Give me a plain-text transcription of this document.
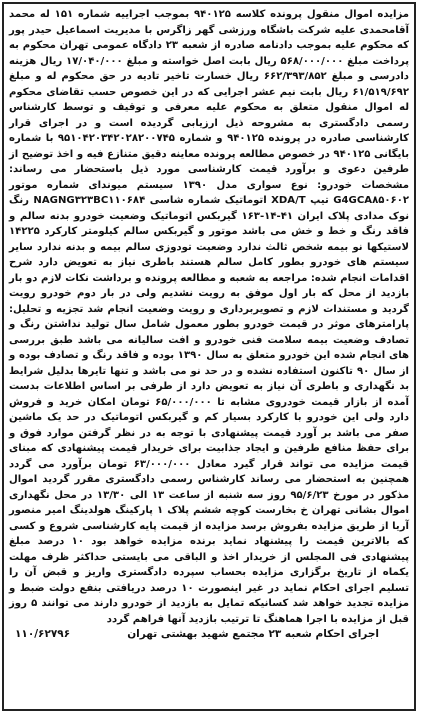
مزایده اموال منقول پرونده کلاسه ۹۴۰۱۲۵ بموجب اجراییه شماره ۱۵۱ له محمد آقامحمدی علیه شرکت باشگاه ورزشی گهر زاگرس با مدیریت اسماعیل حیدر پور که محکوم علیه بموجب دادنامه صادره از شعبه ۲۳ دادگاه عمومی تهران محکوم به پرداخت مبلغ ۵۶۸/۰۰۰/۰۰۰ ریال بابت اصل خواسته و مبلغ ۱۷/۰۴۰/۰۰۰ ریال هزینه دادرسی و مبلغ ۶۶۲/۳۹۳/۸۵۲ ریال خسارت تاخیر تادیه در حق محکوم له و مبلغ ۶۱/۵۱۹/۶۹۲ ریال بابت نیم عشر اجرایی که در این خصوص حسب تقاضای محکوم له اموال منقول متعلق به محکوم علیه معرفی و توقیف و توسط کارشناس رسمی دادگستری به مشروحه ذیل ارزیابی گردیده است و در اجرای قرار کارشناسی صادره در پرونده ۹۴۰۱۲۵ و شماره ۹۵۱۰۴۲۰۳۴۲۰۲۸۲۰۰۷۴۵ با شماره بایگانی ۹۴۰۱۲۵ در خصوص مطالعه پرونده معاینه دقیق متنازع فیه و اخذ توضیح از طرفین دعوی و برآورد قیمت کارشناسی مورد ذیل باستحضار می رساند: مشخصات خودرو: نوع سواری مدل ۱۳۹۰ سیستم میوندای شماره موتور G4GCA۸۵۰۶۰۲ تیپ XDA/T اتوماتیک شماره شاسی NAGNG۳۲۳BC۱۱۰۶۸۴ رنگ نوک مدادی پلاک ایران ۴۱-۱۴-۱۶۳ گیربکس اتوماتیک وضعیت خودرو بدنه سالم و فاقد رنگ و خط و خش می باشد موتور و گیربکس سالم کیلومتر کارکرد ۱۴۲۲۵ لاستیکها نو بیمه شخص ثالث ندارد وضعیت تودوزی سالم بیمه و بدنه ندارد سایر سیستم های خودرو بطور کامل سالم هستند باطری نیاز به تعویض دارد شرح اقدامات انجام شده: مراجعه به شعبه و مطالعه پرونده و برداشت نکات لازم دو بار بازدید از محل که بار اول موفق به رویت نشدیم ولی در بار دوم خودرو رویت گردید و مستندات لازم و تصویربرداری و رویت وضعیت انجام شد تجزیه و تحلیل: پارامترهای موثر در قیمت خودرو بطور معمول شامل سال تولید نداشتن رنگ و تصادف وضعیت بیمه سلامت فنی خودرو و افت سالیانه می باشد طبق بررسی های انجام شده این خودرو متعلق به سال ۱۳۹۰ بوده و فاقد رنگ و تصادف بوده و از سال ۹۰ تاکنون استفاده نشده و در حد نو می باشد و تنها تایرها بدلیل شرایط بد نگهداری و باطری آن نیاز به تعویض دارد از طرفی بر اساس اطلاعات بدست آمده از بازار قیمت خودروی مشابه تا ۶۵/۰۰۰/۰۰۰ تومان امکان خرید و فروش دارد ولی این خودرو با کارکرد بسیار کم و گیربکس اتوماتیک در حد یک ماشین صفر می باشد بر آورد قیمت پیشنهادی با توجه به در نظر گرفتن موارد فوق و برای حفظ منافع طرفین و ایجاد جذابیت برای خریدار قیمت پیشنهادی که مبنای قیمت مزایده می تواند قرار گیرد معادل ۶۳/۰۰۰/۰۰۰ تومان برآورد می گردد همچنین به استحضار می رساند کارشناس رسمی دادگستری مقرر گردید اموال مذکور در مورخ ۹۵/۶/۲۳ روز سه شنبه از ساعت ۱۳ الی ۱۳/۳۰ در محل نگهداری اموال بشانی تهران خ بخارست کوچه ششم پلاک ۱ پارکینگ هولدینگ امیر منصور آریا از طریق مزایده بفروش برسد مزایده از قیمت پایه کارشناسی شروع و کسی که بالاترین قیمت را پیشنهاد نماید برنده مزایده خواهد بود ۱۰ درصد مبلغ پیشنهادی فی المجلس از خریدار اخذ و الباقی می بایستی حداکثر ظرف مهلت یکماه از تاریخ برگزاری مزایده بحساب سپرده دادگستری واریز و قبض آن را تسلیم اجرای احکام نماید در غیر اینصورت ۱۰ درصد دریافتی بنفع دولت ضبط و مزایده تجدید خواهد شد کسانیکه تمایل به بازدید از خودرو دارند می توانند ۵ روز قبل از مزایده با اجرا هماهنگ تا ترتیب بازدید آنها فراهم گردد

اجرای احکام شعبه ۲۳ مجتمع شهید بهشتی تهران
۱۱۰/۶۲۷۹۶
